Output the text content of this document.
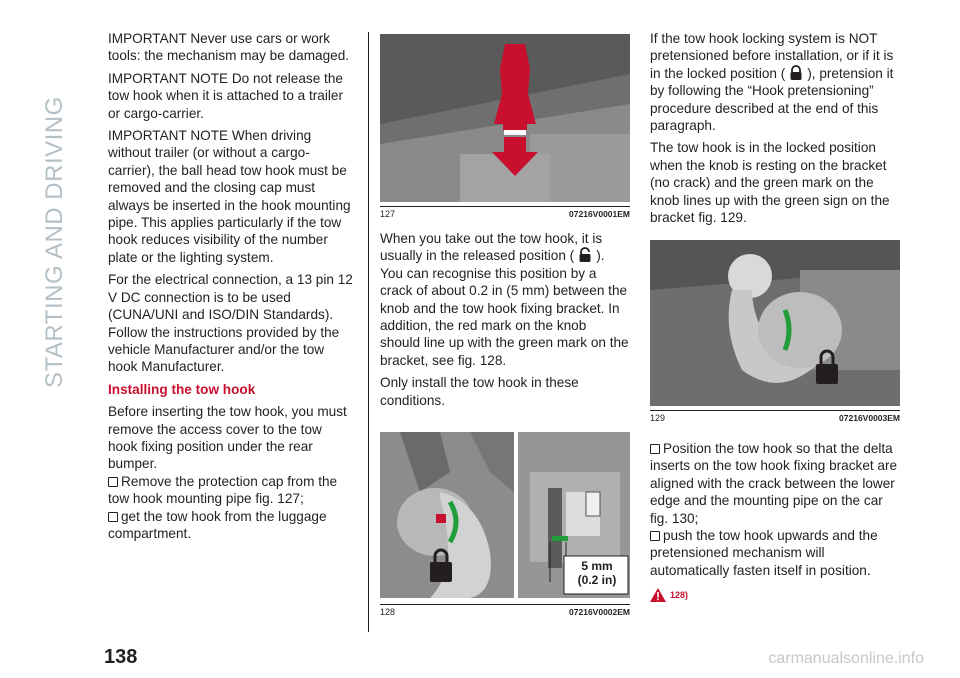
STARTING AND DRIVING

IMPORTANT Never use cars or work tools: the mechanism may be damaged.

IMPORTANT NOTE Do not release the tow hook when it is attached to a trailer or cargo-carrier.

IMPORTANT NOTE When driving without trailer (or without a cargo-carrier), the ball head tow hook must be removed and the closing cap must always be inserted in the hook mounting pipe. This applies particularly if the tow hook reduces visibility of the number plate or the lighting system.

For the electrical connection, a 13 pin 12 V DC connection is to be used (CUNA/UNI and ISO/DIN Standards). Follow the instructions provided by the vehicle Manufacturer and/or the tow hook Manufacturer.

Installing the tow hook

Before inserting the tow hook, you must remove the access cover to the tow hook fixing position under the rear bumper.

Remove the protection cap from the tow hook mounting pipe fig. 127;

get the tow hook from the luggage compartment.

127	07216V0001EM

When you take out the tow hook, it is usually in the released position ( ). You can recognise this position by a crack of about 0.2 in (5 mm) between the knob and the tow hook fixing bracket. In addition, the red mark on the knob should line up with the green mark on the bracket, see fig. 128.

Only install the tow hook in these conditions.

5 mm
(0.2 in)
128	07216V0002EM

If the tow hook locking system is NOT pretensioned before installation, or if it is in the locked position ( ), pretension it by following the “Hook pretensioning” procedure described at the end of this paragraph.

The tow hook is in the locked position when the knob is resting on the bracket (no crack) and the green mark on the knob lines up with the green sign on the bracket fig. 129.

129	07216V0003EM

Position the tow hook so that the delta inserts on the tow hook fixing bracket are aligned with the crack between the lower edge and the mounting pipe on the car fig. 130;

push the tow hook upwards and the pretensioned mechanism will automatically fasten itself in position.

128)
138	carmanualsonline.info
